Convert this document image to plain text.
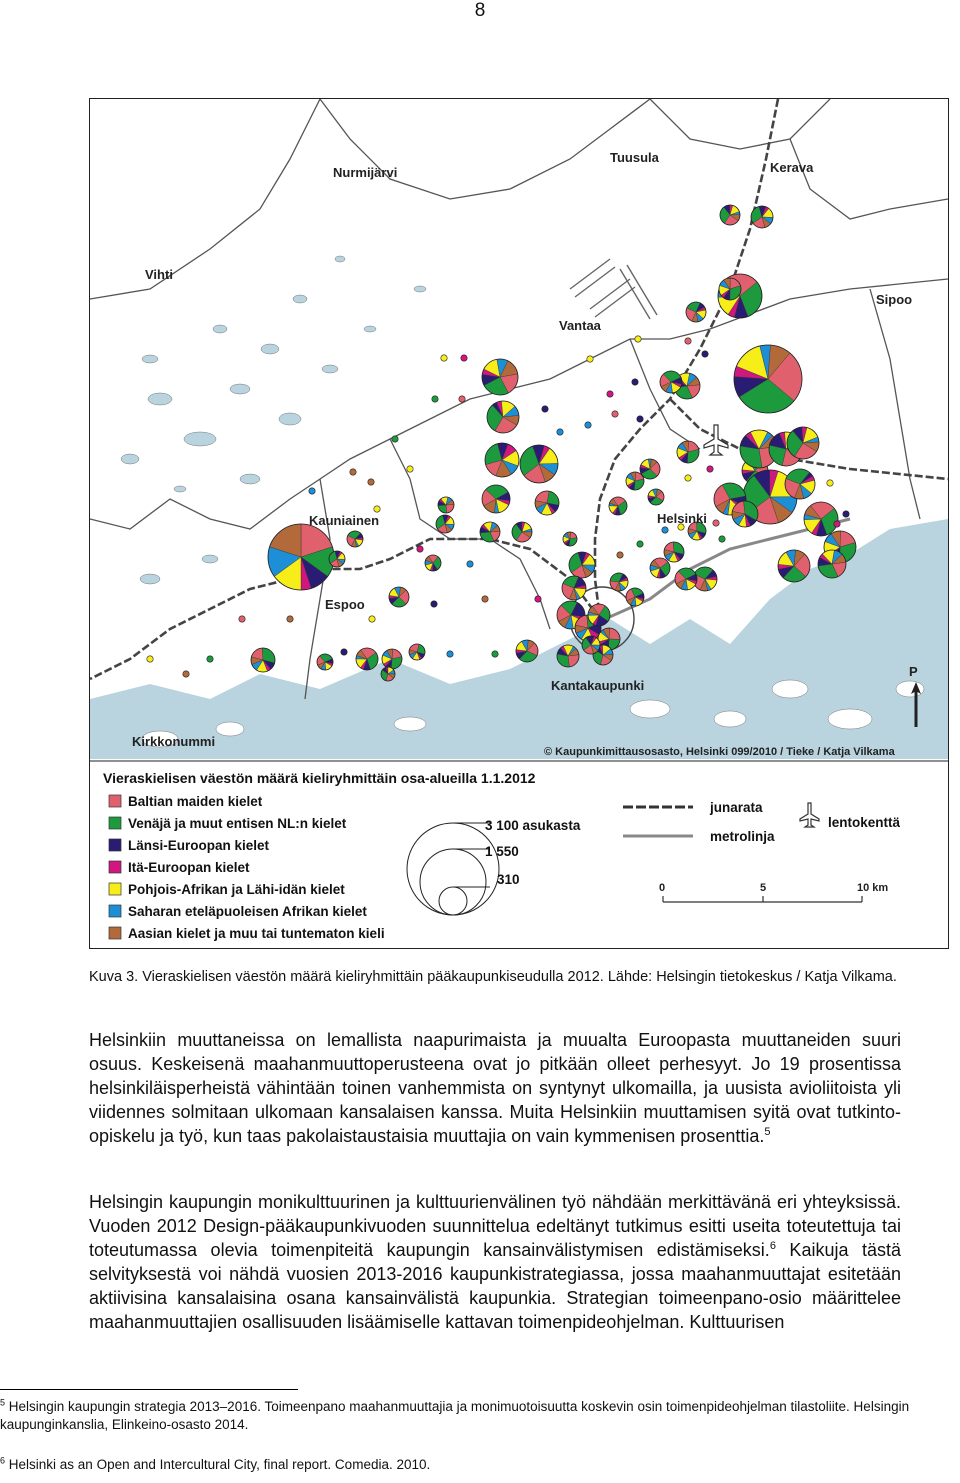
8
Nurmijärvi
Tuusula
Kerava
Vihti
Vantaa
Sipoo
Kauniainen
Espoo
Helsinki
Kantakaupunki
Kirkkonummi
P
© Kaupunkimittausosasto, Helsinki 099/2010 / Tieke / Katja Vilkama
Vieraskielisen väestön määrä kieliryhmittäin osa-alueilla 1.1.2012
Baltian maiden kielet
Venäjä ja muut entisen NL:n kielet
Länsi-Euroopan kielet
Itä-Euroopan kielet
Pohjois-Afrikan ja Lähi-idän kielet
Saharan eteläpuoleisen Afrikan kielet
Aasian kielet ja muu tai tuntematon kieli
3 100 asukasta
1 550
310
junarata
metrolinja
lentokenttä
0	5	10 km
Kuva 3. Vieraskielisen väestön määrä kieliryhmittäin pääkaupunkiseudulla 2012. Lähde: Helsingin tietokeskus / Katja Vilkama.

Helsinkiin muuttaneissa on lemallista naapurimaista ja muualta Euroopasta muuttaneiden suuri osuus. Keskeisenä maahanmuuttoperusteena ovat jo pitkään olleet perhesyyt. Jo 19 prosentissa helsinkiläisperheistä vähintään toinen vanhemmista on syntynyt ulkomailla, ja uusista avioliitoista yli viidennes solmitaan ulkomaan kansalaisen kanssa. Muita Helsinkiin muuttamisen syitä ovat tutkinto-opiskelu ja työ, kun taas pakolaistaustaisia muuttajia on vain kymmenisen prosenttia.$^5$

Helsingin kaupungin monikulttuurinen ja kulttuurienvälinen työ nähdään merkittävänä eri yhteyksissä. Vuoden 2012 Design-pääkaupunkivuoden suunnittelua edeltänyt tutkimus esitti useita toteutettuja tai toteutumassa olevia toimenpiteitä kaupungin kansainvälistymisen edistämiseksi.$^6$ Kaikuja tästä selvityksestä voi nähdä vuosien 2013-2016 kaupunkistrategiassa, jossa maahanmuuttajat esitetään aktiivisina kansalaisina osana kansainvälistä kaupunkia. Strategian toimeenpano-osio määrittelee maahanmuuttajien osallisuuden lisäämiselle kattavan toimenpideohjelman. Kulttuurisen

$^5$ Helsingin kaupungin strategia 2013–2016. Toimeenpano maahanmuuttajia ja monimuotoisuutta koskevin osin toimenpideohjelman tilastoliite. Helsingin kaupunginkanslia, Elinkeino-osasto 2014.
$^6$ Helsinki as an Open and Intercultural City, final report. Comedia. 2010.
